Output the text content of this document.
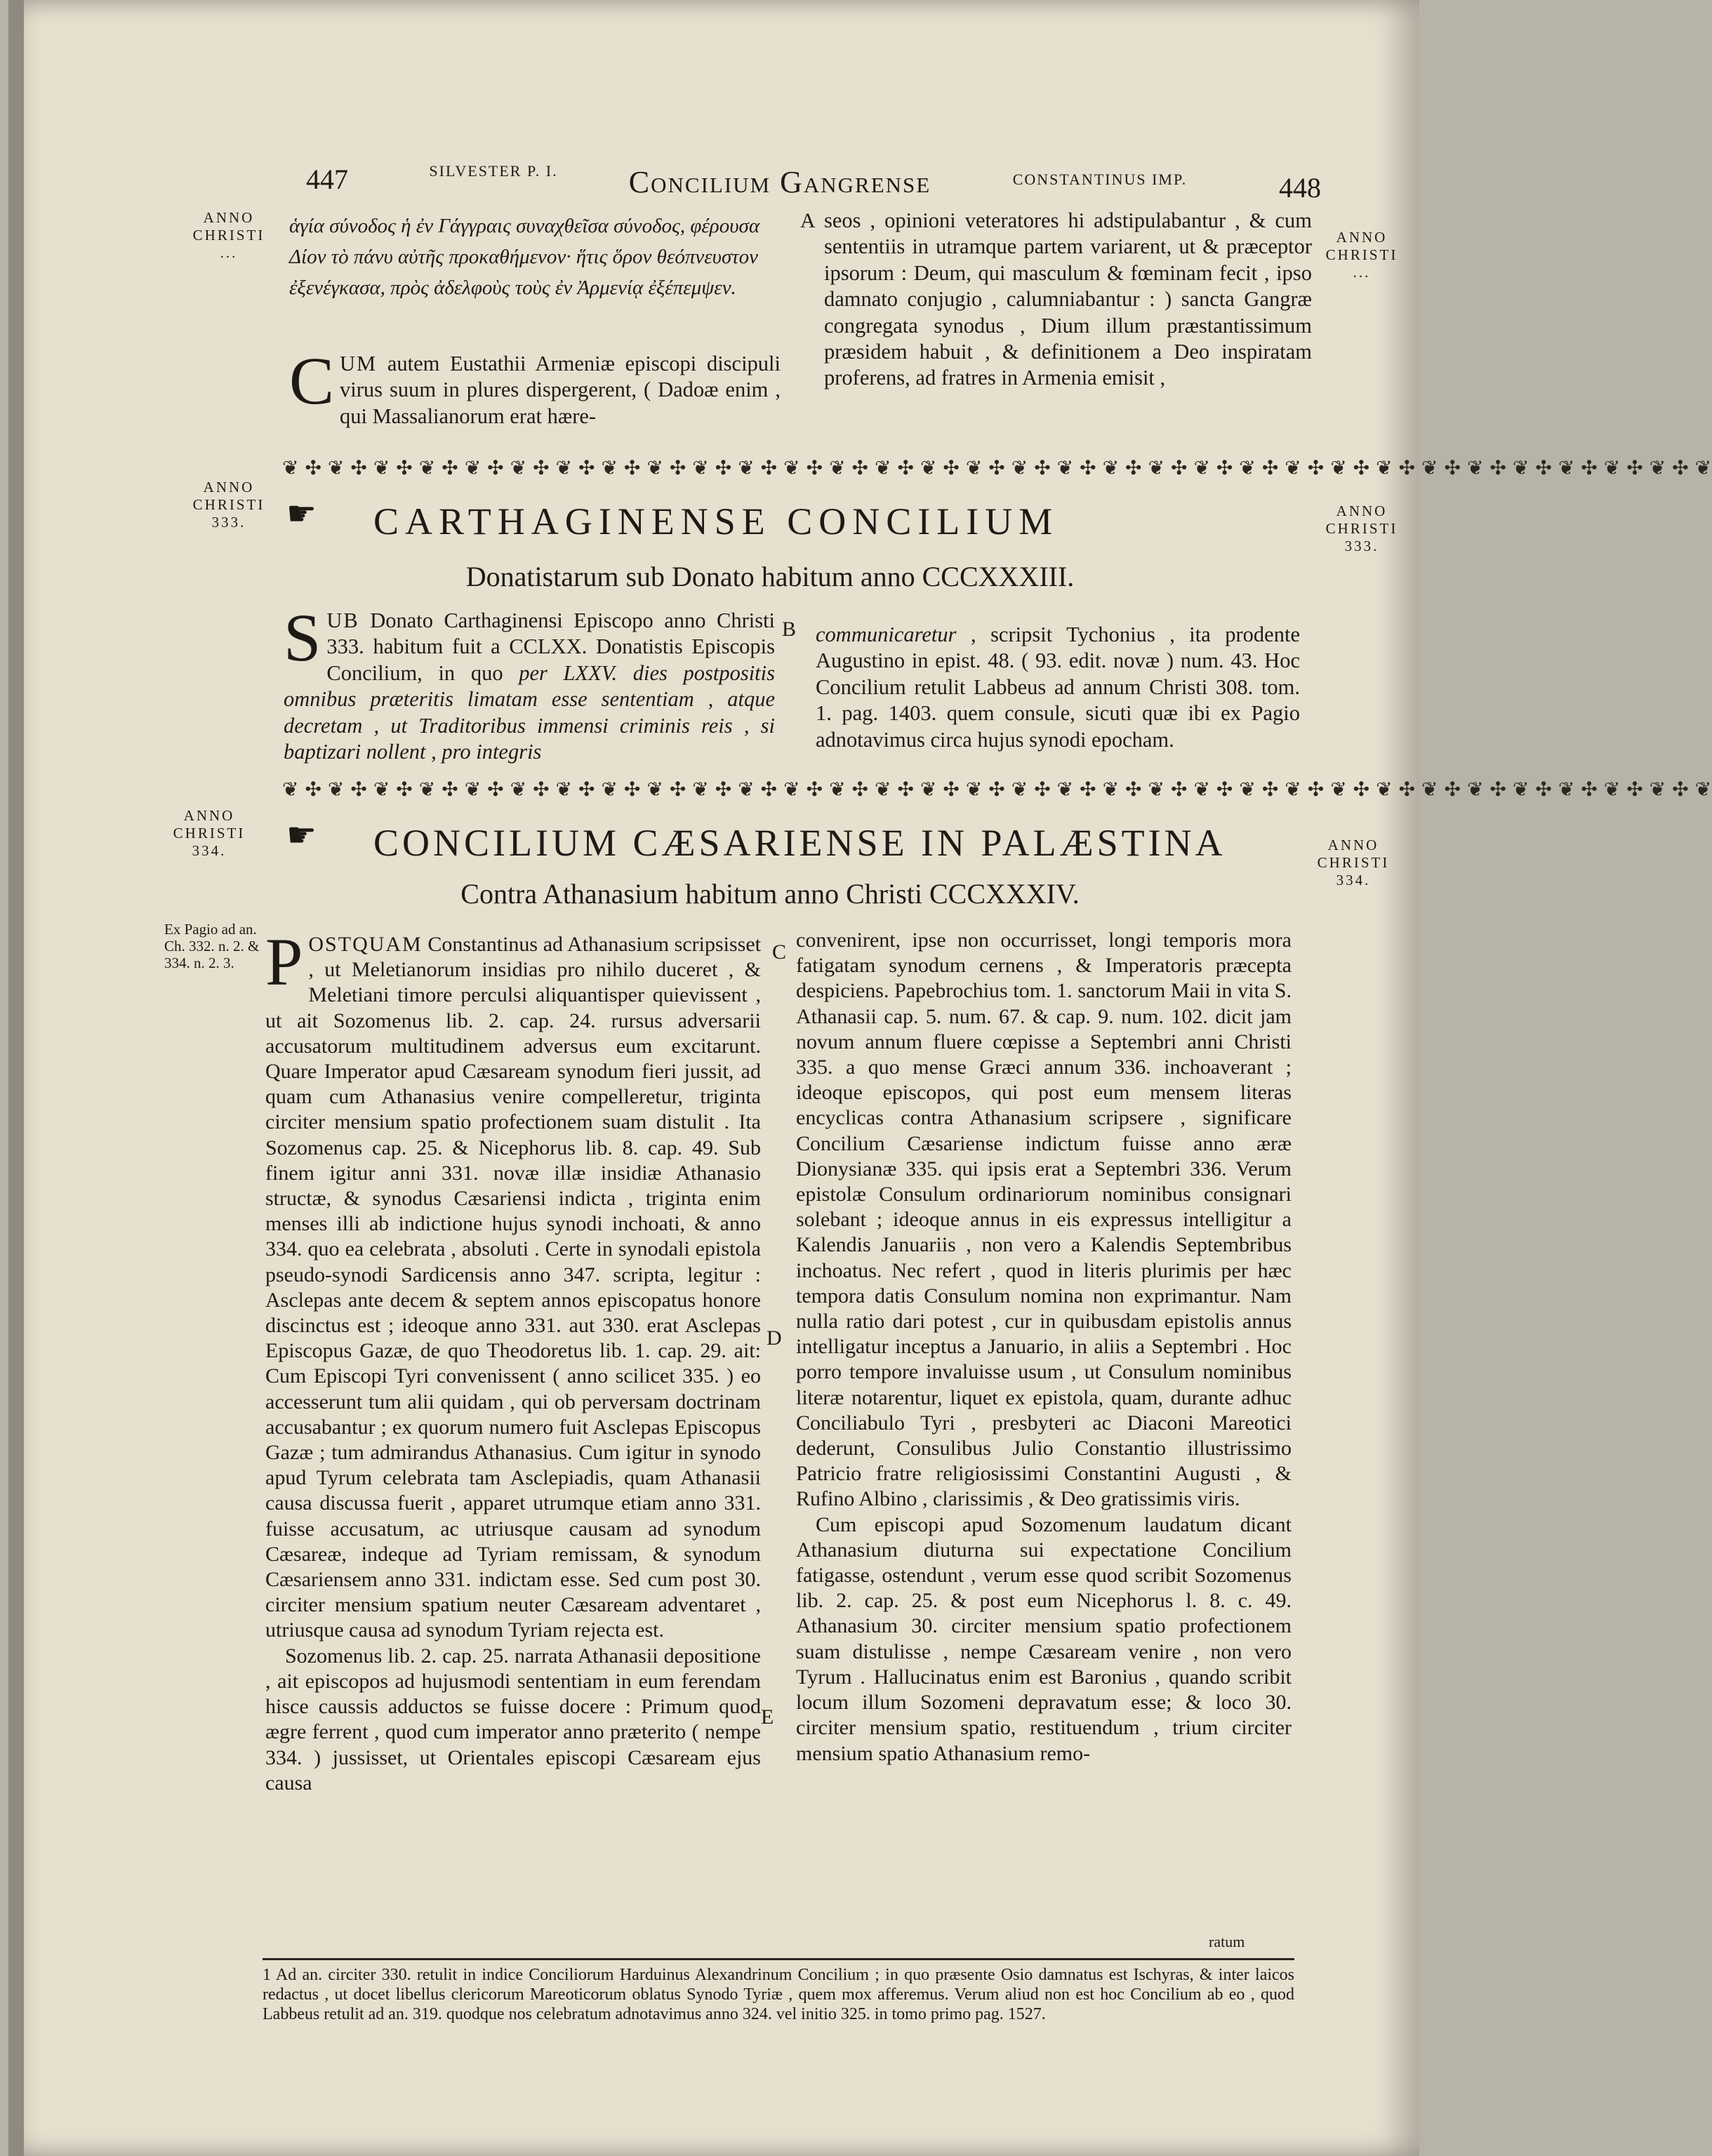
447	SILVESTER P. I.	Concilium Gangrense	CONSTANTINUS IMP.	448
ANNO CHRISTI ...
ANNO CHRISTI ...
ἁγία σύνοδος ἡ ἐν Γάγγραις συναχθεῖσα σύνοδος, φέρουσα Δίον τὸ πάνυ αὐτῆς προκαθήμενον· ἥτις ὅρον θεόπνευστον ἐξενέγκασα, πρὸς ἀδελφοὺς τοὺς ἐν Ἀρμενίᾳ ἐξέπεμψεν.

CUM autem Eustathii Armeniæ episcopi discipuli virus suum in plures dispergerent, ( Dadoæ enim , qui Massalianorum erat hære-

A seos , opinioni veteratores hi adstipulabantur , & cum sententiis in utramque partem variarent, ut & præceptor ipsorum : Deum, qui masculum & fœminam fecit , ipso damnato conjugio , calumniabantur : ) sancta Gangræ congregata synodus , Dium illum præstantissimum præsidem habuit , & definitionem a Deo inspiratam proferens, ad fratres in Armenia emisit ,
❦ ✣ ❦ ✣ ❦ ✣ ❦ ✣ ❦ ✣ ❦ ✣ ❦ ✣ ❦ ✣ ❦ ✣ ❦ ✣ ❦ ✣ ❦ ✣ ❦ ✣ ❦ ✣ ❦ ✣ ❦ ✣ ❦ ✣ ❦ ✣ ❦ ✣ ❦ ✣ ❦ ✣ ❦ ✣ ❦ ✣ ❦ ✣ ❦ ✣ ❦ ✣ ❦ ✣ ❦ ✣ ❦ ✣ ❦ ✣ ❦ ✣ ❦
ANNO CHRISTI 333.
ANNO CHRISTI 333.
☛ CARTHAGINENSE CONCILIUM
Donatistarum sub Donato habitum anno CCCXXXIII.

SUB Donato Carthaginensi Episcopo anno Christi 333. habitum fuit a CCLXX. Donatistis Episcopis Concilium, in quo per LXXV. dies postpositis omnibus præteritis limatam esse sententiam , atque decretam , ut Traditoribus immensi criminis reis , si baptizari nollent , pro integris

B communicaretur , scripsit Tychonius , ita prodente Augustino in epist. 48. ( 93. edit. novæ ) num. 43. Hoc Concilium retulit Labbeus ad annum Christi 308. tom. 1. pag. 1403. quem consule, sicuti quæ ibi ex Pagio adnotavimus circa hujus synodi epocham.

❦ ✣ ❦ ✣ ❦ ✣ ❦ ✣ ❦ ✣ ❦ ✣ ❦ ✣ ❦ ✣ ❦ ✣ ❦ ✣ ❦ ✣ ❦ ✣ ❦ ✣ ❦ ✣ ❦ ✣ ❦ ✣ ❦ ✣ ❦ ✣ ❦ ✣ ❦ ✣ ❦ ✣ ❦ ✣ ❦ ✣ ❦ ✣ ❦ ✣ ❦ ✣ ❦ ✣ ❦ ✣ ❦ ✣ ❦ ✣ ❦ ✣ ❦
ANNO CHRISTI 334.	ANNO CHRISTI 334.
☛ CONCILIUM CÆSARIENSE IN PALÆSTINA
Contra Athanasium habitum anno Christi CCCXXXIV.
Ex Pagio ad an. Ch. 332. n. 2. & 334. n. 2. 3. POSTQUAM Constantinus ad Athanasium scripsisset , ut Meletianorum insidias pro nihilo duceret , & Meletiani timore perculsi aliquantisper quievissent , ut ait Sozomenus lib. 2. cap. 24. rursus adversarii accusatorum multitudinem adversus eum excitarunt. Quare Imperator apud Cæsaream synodum fieri jussit, ad quam cum Athanasius venire compelleretur, triginta circiter mensium spatio profectionem suam distulit . Ita Sozomenus cap. 25. & Nicephorus lib. 8. cap. 49. Sub finem igitur anni 331. novæ illæ insidiæ Athanasio structæ, & synodus Cæsariensi indicta , triginta enim menses illi ab indictione hujus synodi inchoati, & anno 334. quo ea celebrata , absoluti . Certe in synodali epistola pseudo-synodi Sardicensis anno 347. scripta, legitur : Asclepas ante decem & septem annos episcopatus honore discinctus est ; ideoque anno 331. aut 330. erat Asclepas Episcopus Gazæ, de quo Theodoretus lib. 1. cap. 29. ait: Cum Episcopi Tyri convenissent ( anno scilicet 335. ) eo accesserunt tum alii quidam , qui ob perversam doctrinam accusabantur ; ex quorum numero fuit Asclepas Episcopus Gazæ ; tum admirandus Athanasius. Cum igitur in synodo apud Tyrum celebrata tam Asclepiadis, quam Athanasii causa discussa fuerit , apparet utrumque etiam anno 331. fuisse accusatum, ac utriusque causam ad synodum Cæsareæ, indeque ad Tyriam remissam, & synodum Cæsariensem anno 331. indictam esse. Sed cum post 30. circiter mensium spatium neuter Cæsaream adventaret , utriusque causa ad synodum Tyriam rejecta est.

Sozomenus lib. 2. cap. 25. narrata Athanasii depositione , ait episcopos ad hujusmodi sententiam in eum ferendam hisce caussis adductos se fuisse docere : Primum quod ægre ferrent , quod cum imperator anno præterito ( nempe 334. ) jussisset, ut Orientales episcopi Cæsaream ejus causa

C
D
E

convenirent, ipse non occurrisset, longi temporis mora fatigatam synodum cernens , & Imperatoris præcepta despiciens. Papebrochius tom. 1. sanctorum Maii in vita S. Athanasii cap. 5. num. 67. & cap. 9. num. 102. dicit jam novum annum fluere cœpisse a Septembri anni Christi 335. a quo mense Græci annum 336. inchoaverant ; ideoque episcopos, qui post eum mensem literas encyclicas contra Athanasium scripsere , significare Concilium Cæsariense indictum fuisse anno æræ Dionysianæ 335. qui ipsis erat a Septembri 336. Verum epistolæ Consulum ordinariorum nominibus consignari solebant ; ideoque annus in eis expressus intelligitur a Kalendis Januariis , non vero a Kalendis Septembribus inchoatus. Nec refert , quod in literis plurimis per hæc tempora datis Consulum nomina non exprimantur. Nam nulla ratio dari potest , cur in quibusdam epistolis annus intelligatur inceptus a Januario, in aliis a Septembri . Hoc porro tempore invaluisse usum , ut Consulum nominibus literæ notarentur, liquet ex epistola, quam, durante adhuc Conciliabulo Tyri , presbyteri ac Diaconi Mareotici dederunt, Consulibus Julio Constantio illustrissimo Patricio fratre religiosissimi Constantini Augusti , & Rufino Albino , clarissimis , & Deo gratissimis viris.

Cum episcopi apud Sozomenum laudatum dicant Athanasium diuturna sui expectatione Concilium fatigasse, ostendunt , verum esse quod scribit Sozomenus lib. 2. cap. 25. & post eum Nicephorus l. 8. c. 49. Athanasium 30. circiter mensium spatio profectionem suam distulisse , nempe Cæsaream venire , non vero Tyrum . Hallucinatus enim est Baronius , quando scribit locum illum Sozomeni depravatum esse; & loco 30. circiter mensium spatio, restituendum , trium circiter mensium spatio Athanasium remo-

ratum
1 Ad an. circiter 330. retulit in indice Conciliorum Harduinus Alexandrinum Concilium ; in quo præsente Osio damnatus est Ischyras, & inter laicos redactus , ut docet libellus clericorum Mareoticorum oblatus Synodo Tyriæ , quem mox afferemus. Verum aliud non est hoc Concilium ab eo , quod Labbeus retulit ad an. 319. quodque nos celebratum adnotavimus anno 324. vel initio 325. in tomo primo pag. 1527.
